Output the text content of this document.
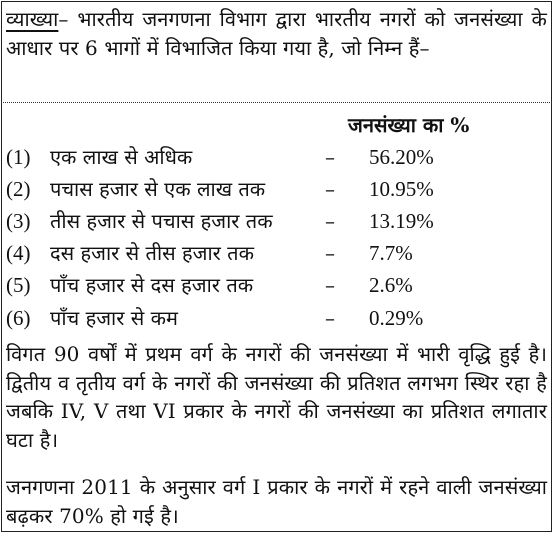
व्याख्या– भारतीय जनगणना विभाग द्वारा भारतीय नगरों को जनसंख्या के आधार पर 6 भागों में विभाजित किया गया है, जो निम्न हैं–
जनसंख्या का %
(1) एक लाख से अधिक	– 56.20%
(2) पचास हजार से एक लाख तक	– 10.95%
(3) तीस हजार से पचास हजार तक	– 13.19%
(4) दस हजार से तीस हजार तक	– 7.7%
(5) पाँच हजार से दस हजार तक	– 2.6%
(6) पाँच हजार से कम	– 0.29%
विगत 90 वर्षों में प्रथम वर्ग के नगरों की जनसंख्या में भारी वृद्धि हुई है। द्वितीय व तृतीय वर्ग के नगरों की जनसंख्या की प्रतिशत लगभग स्थिर रहा है जबकि IV, V तथा VI प्रकार के नगरों की जनसंख्या का प्रतिशत लगातार घटा है।
जनगणना 2011 के अनुसार वर्ग I प्रकार के नगरों में रहने वाली जनसंख्या बढ़कर 70% हो गई है।
